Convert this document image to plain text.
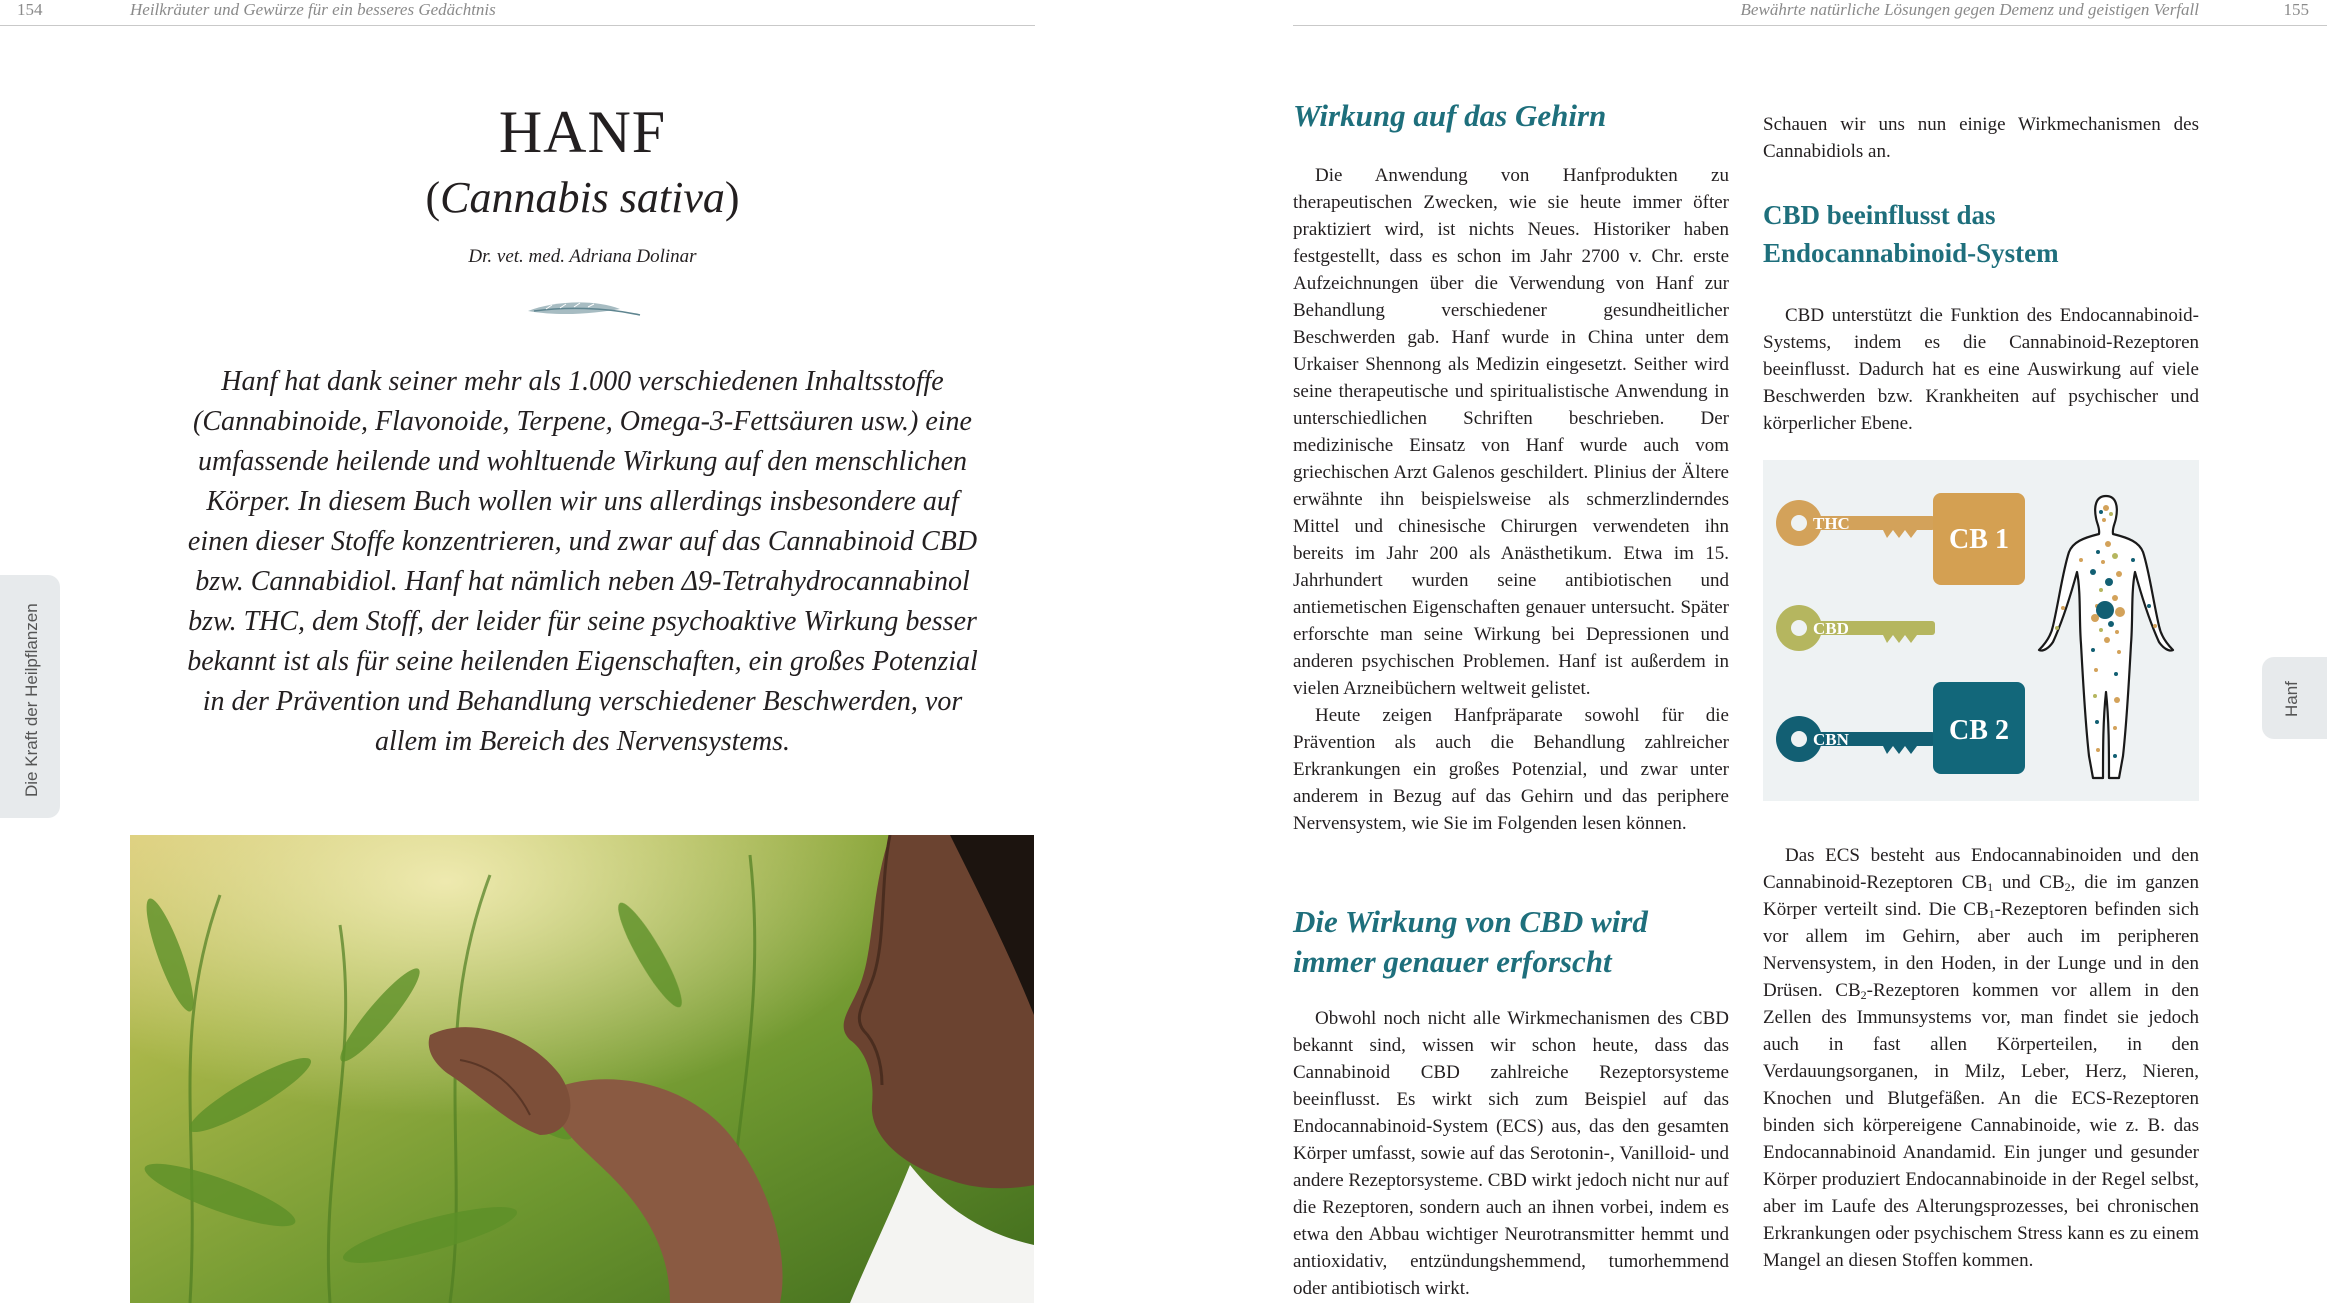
154	Heilkräuter und Gewürze für ein besseres Gedächtnis	Bewährte natürliche Lösungen gegen Demenz und geistigen Verfall	155
Die Kraft der Heilpflanzen	Hanf
HANF
(Cannabis sativa)
Dr. vet. med. Adriana Dolinar
Hanf hat dank seiner mehr als 1.000 verschiedenen Inhaltsstoffe (Cannabinoide, Flavonoide, Terpene, Omega-3-Fettsäuren usw.) eine umfassende heilende und wohltuende Wirkung auf den menschlichen Körper. In diesem Buch wollen wir uns allerdings insbesondere auf einen dieser Stoffe konzentrieren, und zwar auf das Cannabinoid CBD bzw. Cannabidiol. Hanf hat nämlich neben Δ9-Tetrahydrocannabinol bzw. THC, dem Stoff, der leider für seine psychoaktive Wirkung besser bekannt ist als für seine heilenden Eigenschaften, ein großes Potenzial in der Prävention und Behandlung verschiedener Beschwerden, vor allem im Bereich des Nervensystems.
Wirkung auf das Gehirn

Die Anwendung von Hanfprodukten zu therapeutischen Zwecken, wie sie heute immer öfter praktiziert wird, ist nichts Neues. Historiker haben festgestellt, dass es schon im Jahr 2700 v. Chr. erste Aufzeichnungen über die Verwendung von Hanf zur Behandlung verschiedener gesundheitlicher Beschwerden gab. Hanf wurde in China unter dem Urkaiser Shennong als Medizin eingesetzt. Seither wird seine therapeutische und spiritualistische Anwendung in unterschiedlichen Schriften beschrieben. Der medizinische Einsatz von Hanf wurde auch vom griechischen Arzt Galenos geschildert. Plinius der Ältere erwähnte ihn beispielsweise als schmerzlinderndes Mittel und chinesische Chirurgen verwendeten ihn bereits im Jahr 200 als Anästhetikum. Etwa im 15. Jahrhundert wurden seine antibiotischen und antiemetischen Eigenschaften genauer untersucht. Später erforschte man seine Wirkung bei Depressionen und anderen psychischen Problemen. Hanf ist außerdem in vielen Arzneibüchern weltweit gelistet.

Heute zeigen Hanfpräparate sowohl für die Prävention als auch die Behandlung zahlreicher Erkrankungen ein großes Potenzial, und zwar unter anderem in Bezug auf das Gehirn und das periphere Nervensystem, wie Sie im Folgenden lesen können.

Die Wirkung von CBD wird immer genauer erforscht

Obwohl noch nicht alle Wirkmechanismen des CBD bekannt sind, wissen wir schon heute, dass das Cannabinoid CBD zahlreiche Rezeptorsysteme beeinflusst. Es wirkt sich zum Beispiel auf das Endocannabinoid-System (ECS) aus, das den gesamten Körper umfasst, sowie auf das Serotonin-, Vanilloid- und andere Rezeptorsysteme. CBD wirkt jedoch nicht nur auf die Rezeptoren, sondern auch an ihnen vorbei, indem es etwa den Abbau wichtiger Neurotransmitter hemmt und antioxidativ, entzündungshemmend, tumorhemmend oder antibiotisch wirkt.

Schauen wir uns nun einige Wirkmechanismen des Cannabidiols an.

CBD beeinflusst das Endocannabinoid-System

CBD unterstützt die Funktion des Endocannabinoid-Systems, indem es die Cannabinoid-Rezeptoren beeinflusst. Dadurch hat es eine Auswirkung auf viele Beschwerden bzw. Krankheiten auf psychischer und körperlicher Ebene.

THC
CBD
CBN
CB 1
CB 2

Das ECS besteht aus Endocannabinoiden und den Cannabinoid-Rezeptoren $CB_1$ und $CB_2$, die im ganzen Körper verteilt sind. Die $CB_1$-Rezeptoren befinden sich vor allem im Gehirn, aber auch im peripheren Nervensystem, in den Hoden, in der Lunge und in den Drüsen. $CB_2$-Rezeptoren kommen vor allem in den Zellen des Immunsystems vor, man findet sie jedoch auch in fast allen Körperteilen, in den Verdauungsorganen, in Milz, Leber, Herz, Nieren, Knochen und Blutgefäßen. An die ECS-Rezeptoren binden sich körpereigene Cannabinoide, wie z. B. das Endocannabinoid Anandamid. Ein junger und gesunder Körper produziert Endocannabinoide in der Regel selbst, aber im Laufe des Alterungsprozesses, bei chronischen Erkrankungen oder psychischem Stress kann es zu einem Mangel an diesen Stoffen kommen.
